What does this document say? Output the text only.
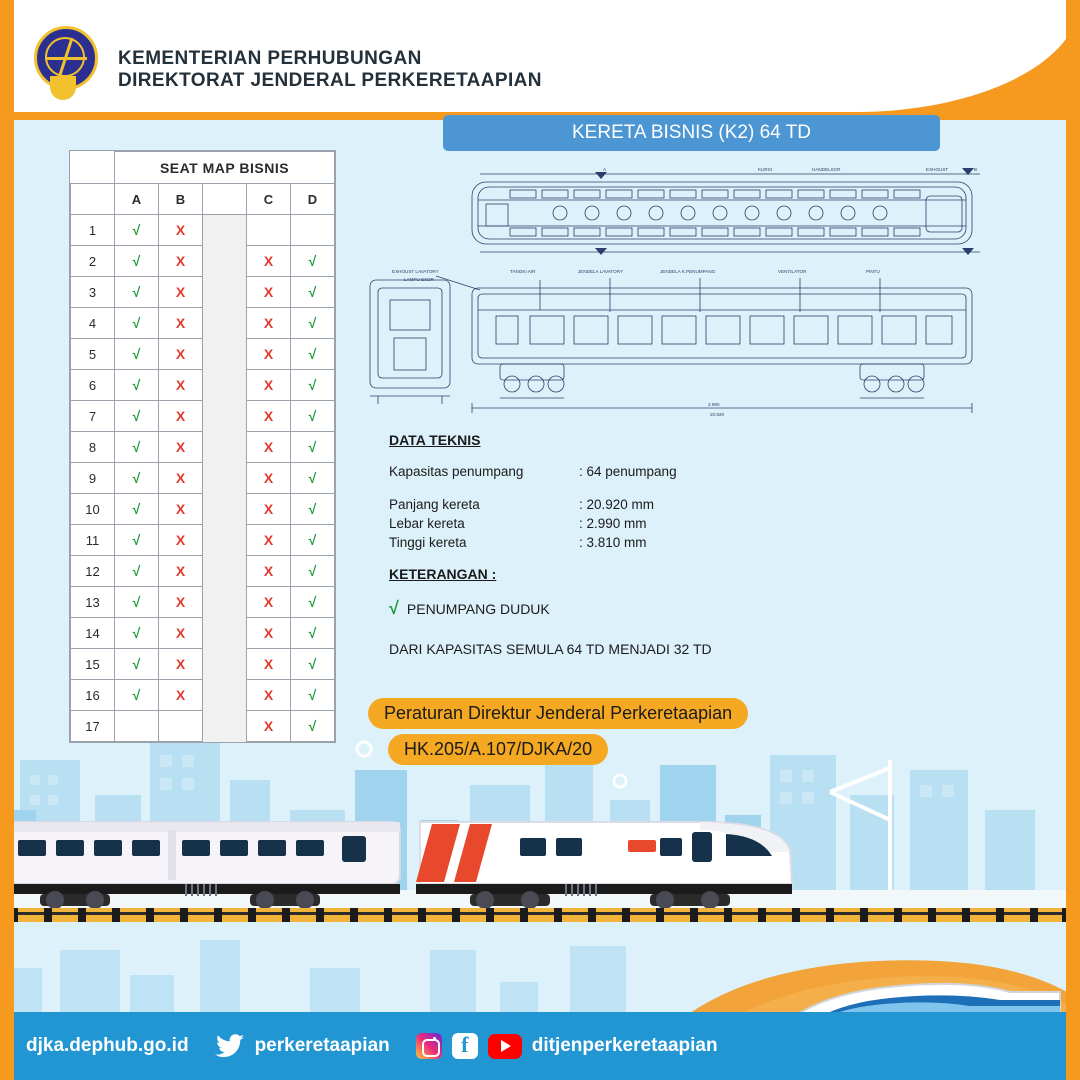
Taat, Waspada, Selamat
KEMENTERIAN PERHUBUNGAN
DIREKTORAT JENDERAL PERKERETAAPIAN
KERETA BISNIS (K2) 64 TD
	SEAT MAP BISNIS				
	A	B		C	D
1	√	X			
2	√	X		X	√
3	√	X		X	√
4	√	X		X	√
5	√	X		X	√
6	√	X		X	√
7	√	X		X	√
8	√	X		X	√
9	√	X		X	√
10	√	X		X	√
11	√	X		X	√
12	√	X		X	√
13	√	X		X	√
14	√	X		X	√
15	√	X		X	√
16	√	X		X	√
17				X	√
KURSI	HANDELSCR	EXHOUST
A	B
EXHOUST LAVATORY
LAMPU EXDR
TANGKI AIR	JENDELA LAVATORY	JENDELA K.PENUMPANG	VENTILATOR	PINTU
20.920
2.990
DATA TEKNIS
Kapasitas penumpang	: 64 penumpang
Panjang kereta	: 20.920 mm
Lebar kereta	: 2.990 mm
Tinggi kereta	: 3.810 mm
KETERANGAN :
√ PENUMPANG DUDUK
DARI KAPASITAS SEMULA 64 TD MENJADI 32 TD
Peraturan Direktur Jenderal Perkeretaapian
HK.205/A.107/DJKA/20
djka.dephub.go.id	perkeretaapian	f	ditjenperkeretaapian
